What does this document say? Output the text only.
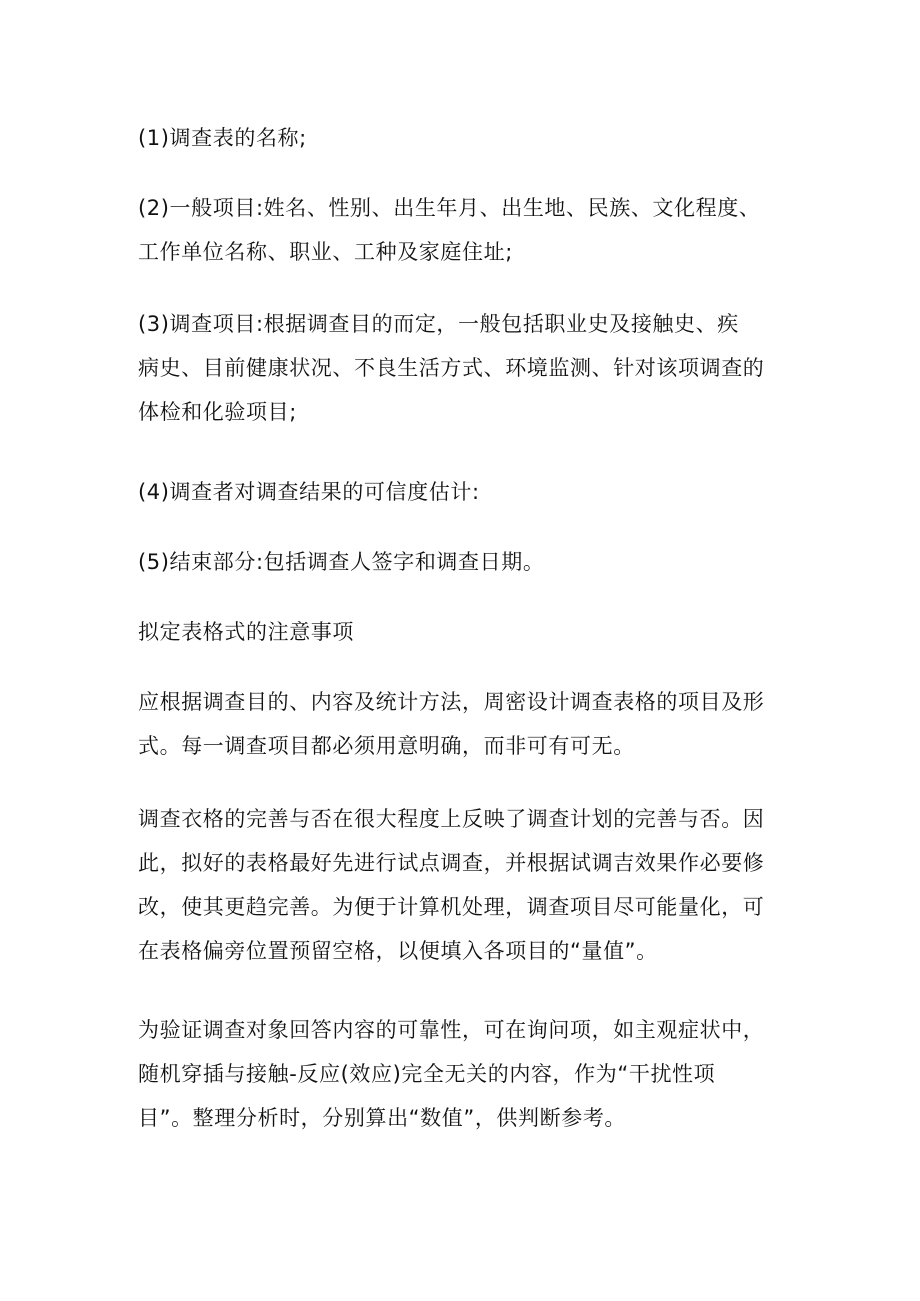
(1)调查表的名称;

(2)一般项目:姓名、性别、出生年月、出生地、民族、文化程度、
工作单位名称、职业、工种及家庭住址;

(3)调查项目:根据调查目的而定，一般包括职业史及接触史、疾
病史、目前健康状况、不良生活方式、环境监测、针对该项调查的
体检和化验项目;

(4)调查者对调查结果的可信度估计:

(5)结束部分:包括调查人签字和调查日期。

拟定表格式的注意事项

应根据调查目的、内容及统计方法，周密设计调查表格的项目及形
式。每一调查项目都必须用意明确，而非可有可无。

调查衣格的完善与否在很大程度上反映了调查计划的完善与否。因
此，拟好的表格最好先进行试点调查，并根据试调吉效果作必要修
改，使其更趋完善。为便于计算机处理，调查项目尽可能量化，可
在表格偏旁位置预留空格，以便填入各项目的“量值”。

为验证调查对象回答内容的可靠性，可在询问项，如主观症状中，
随机穿插与接触-反应(效应)完全无关的内容，作为“干扰性项
目”。整理分析时，分别算出“数值”，供判断参考。
